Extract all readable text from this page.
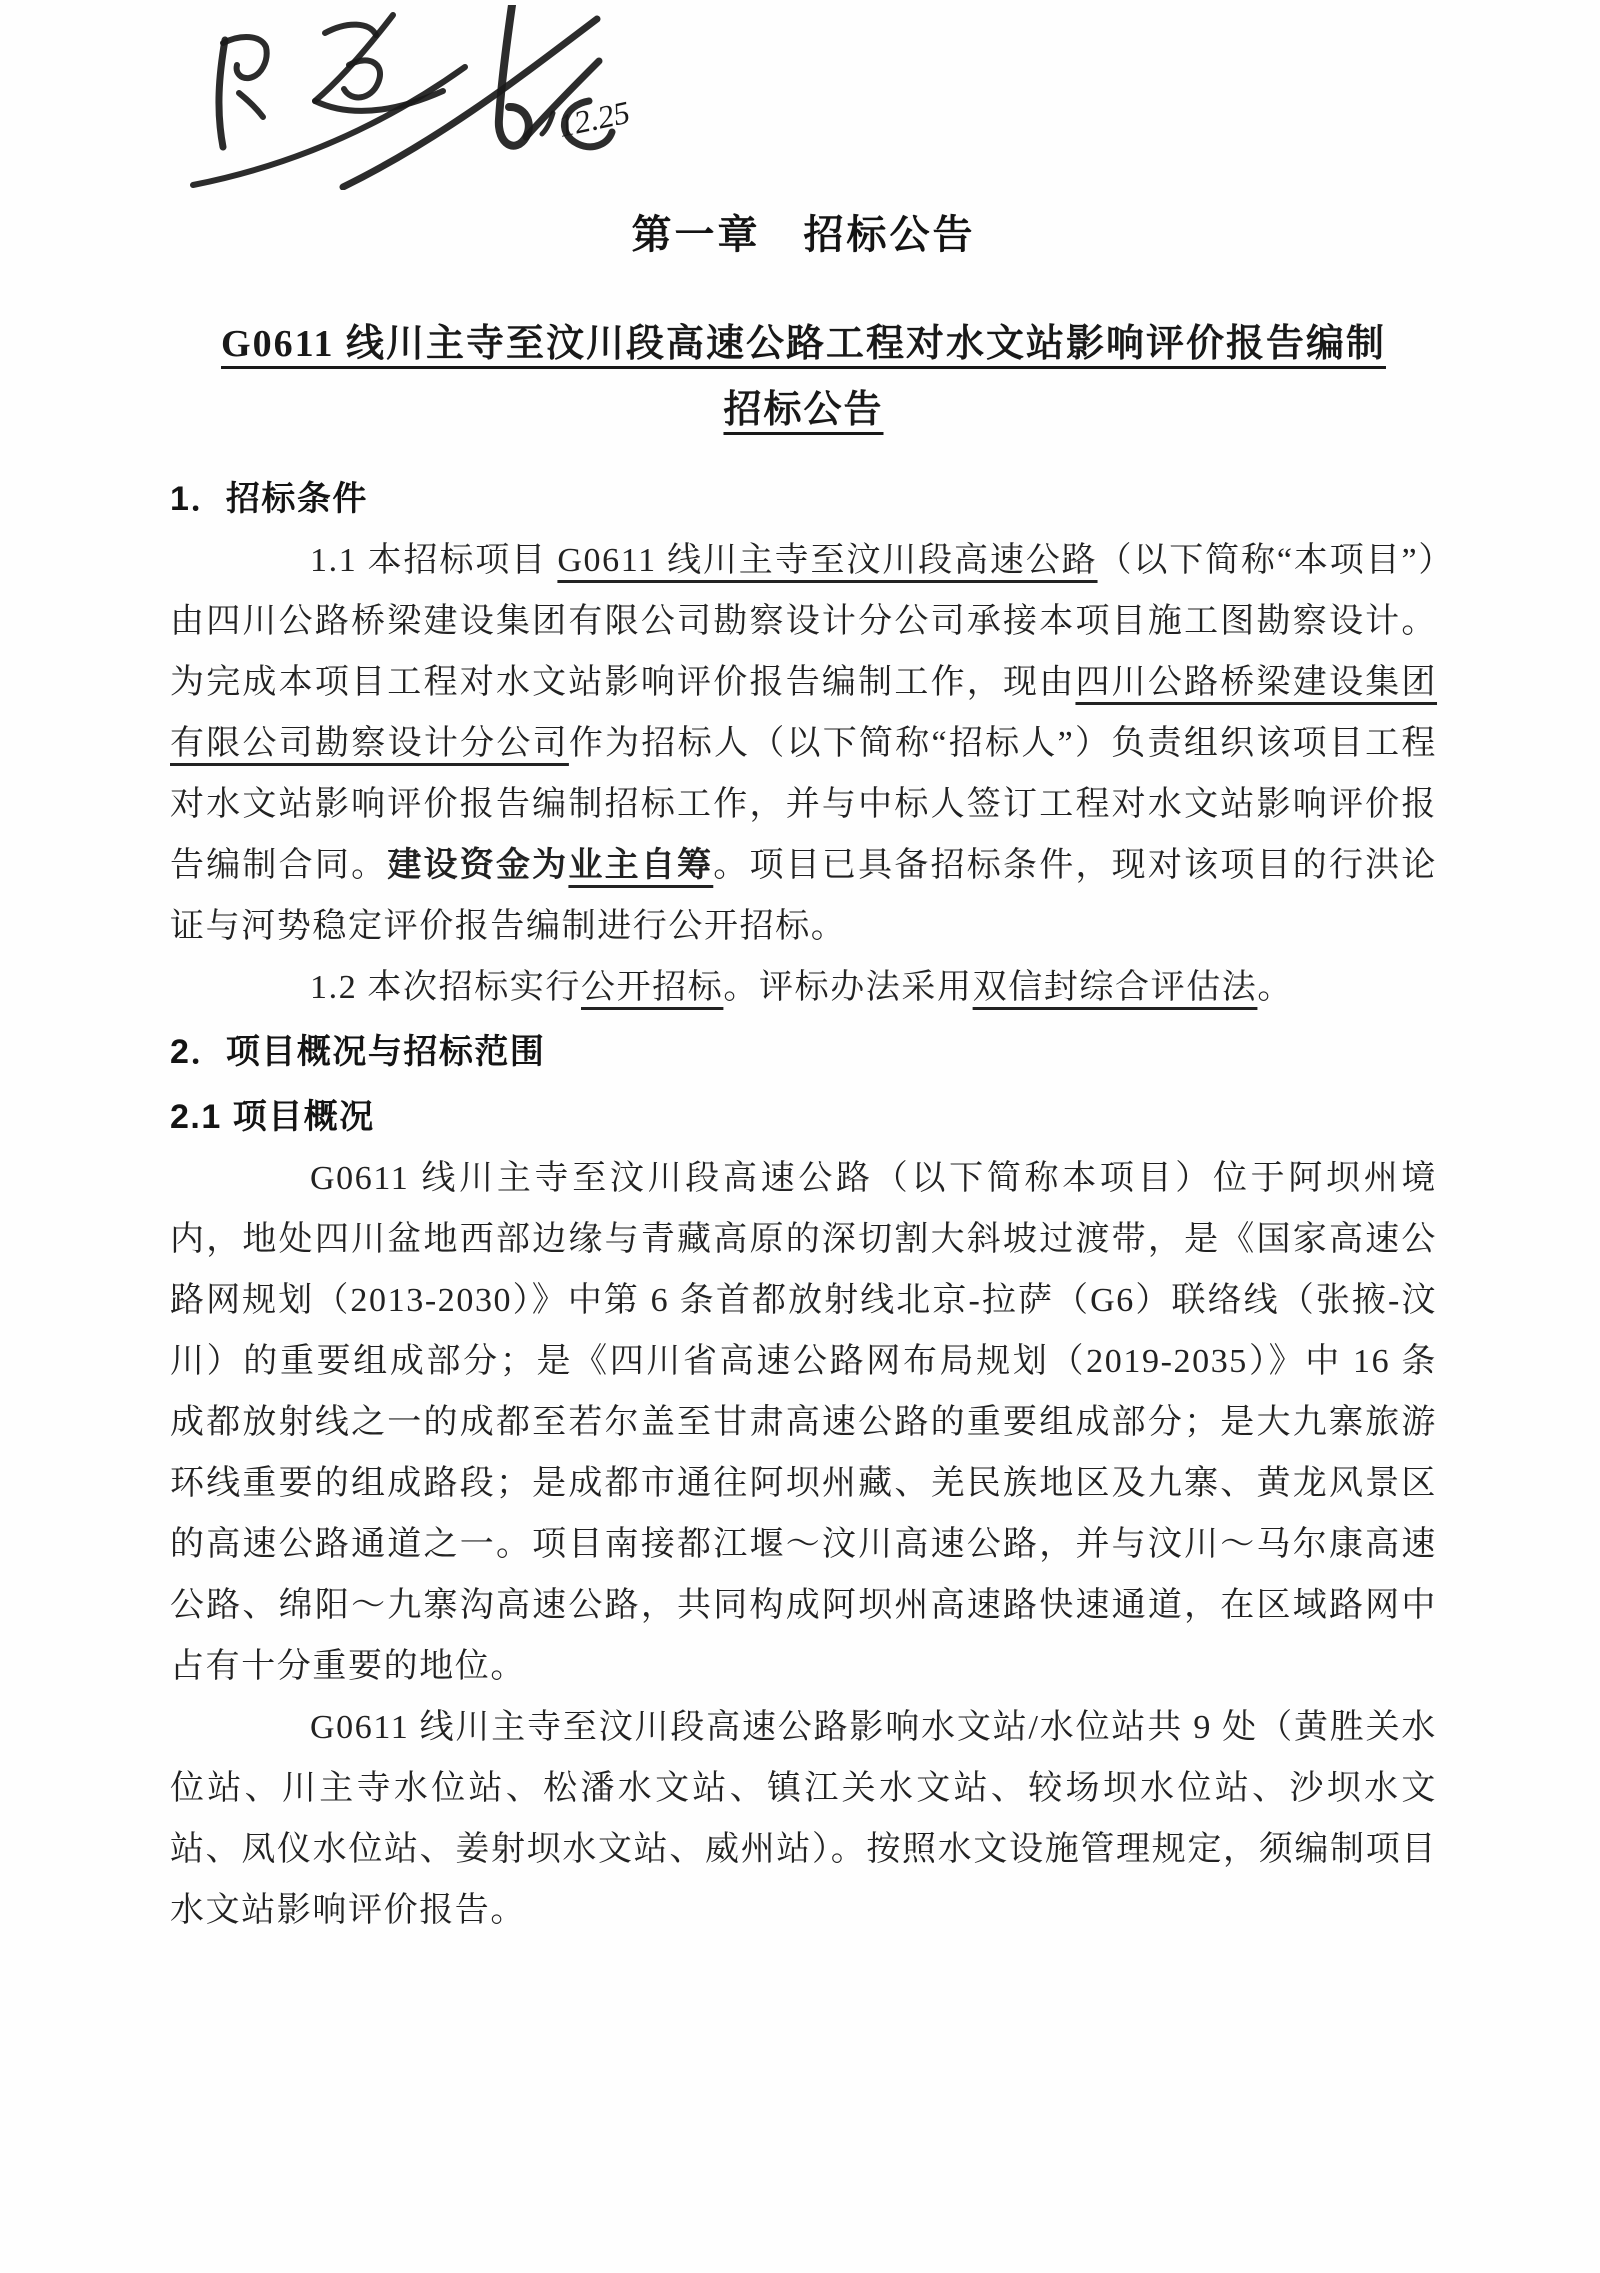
12.25
第一章　招标公告
G0611 线川主寺至汶川段高速公路工程对水文站影响评价报告编制招标公告
1．招标条件
1.1 本招标项目 G0611 线川主寺至汶川段高速公路（以下简称“本项目”）由四川公路桥梁建设集团有限公司勘察设计分公司承接本项目施工图勘察设计。为完成本项目工程对水文站影响评价报告编制工作，现由四川公路桥梁建设集团有限公司勘察设计分公司作为招标人（以下简称“招标人”）负责组织该项目工程对水文站影响评价报告编制招标工作，并与中标人签订工程对水文站影响评价报告编制合同。建设资金为业主自筹。项目已具备招标条件，现对该项目的行洪论证与河势稳定评价报告编制进行公开招标。
1.2 本次招标实行公开招标。评标办法采用双信封综合评估法。
2．项目概况与招标范围
2.1 项目概况
G0611 线川主寺至汶川段高速公路（以下简称本项目）位于阿坝州境内，地处四川盆地西部边缘与青藏高原的深切割大斜坡过渡带，是《国家高速公路网规划（2013-2030）》中第 6 条首都放射线北京-拉萨（G6）联络线（张掖-汶川）的重要组成部分；是《四川省高速公路网布局规划（2019-2035）》中 16 条成都放射线之一的成都至若尔盖至甘肃高速公路的重要组成部分；是大九寨旅游环线重要的组成路段；是成都市通往阿坝州藏、羌民族地区及九寨、黄龙风景区的高速公路通道之一。项目南接都江堰～汶川高速公路，并与汶川～马尔康高速公路、绵阳～九寨沟高速公路，共同构成阿坝州高速路快速通道，在区域路网中占有十分重要的地位。
G0611 线川主寺至汶川段高速公路影响水文站/水位站共 9 处（黄胜关水位站、川主寺水位站、松潘水文站、镇江关水文站、较场坝水位站、沙坝水文站、凤仪水位站、姜射坝水文站、威州站）。按照水文设施管理规定，须编制项目水文站影响评价报告。
